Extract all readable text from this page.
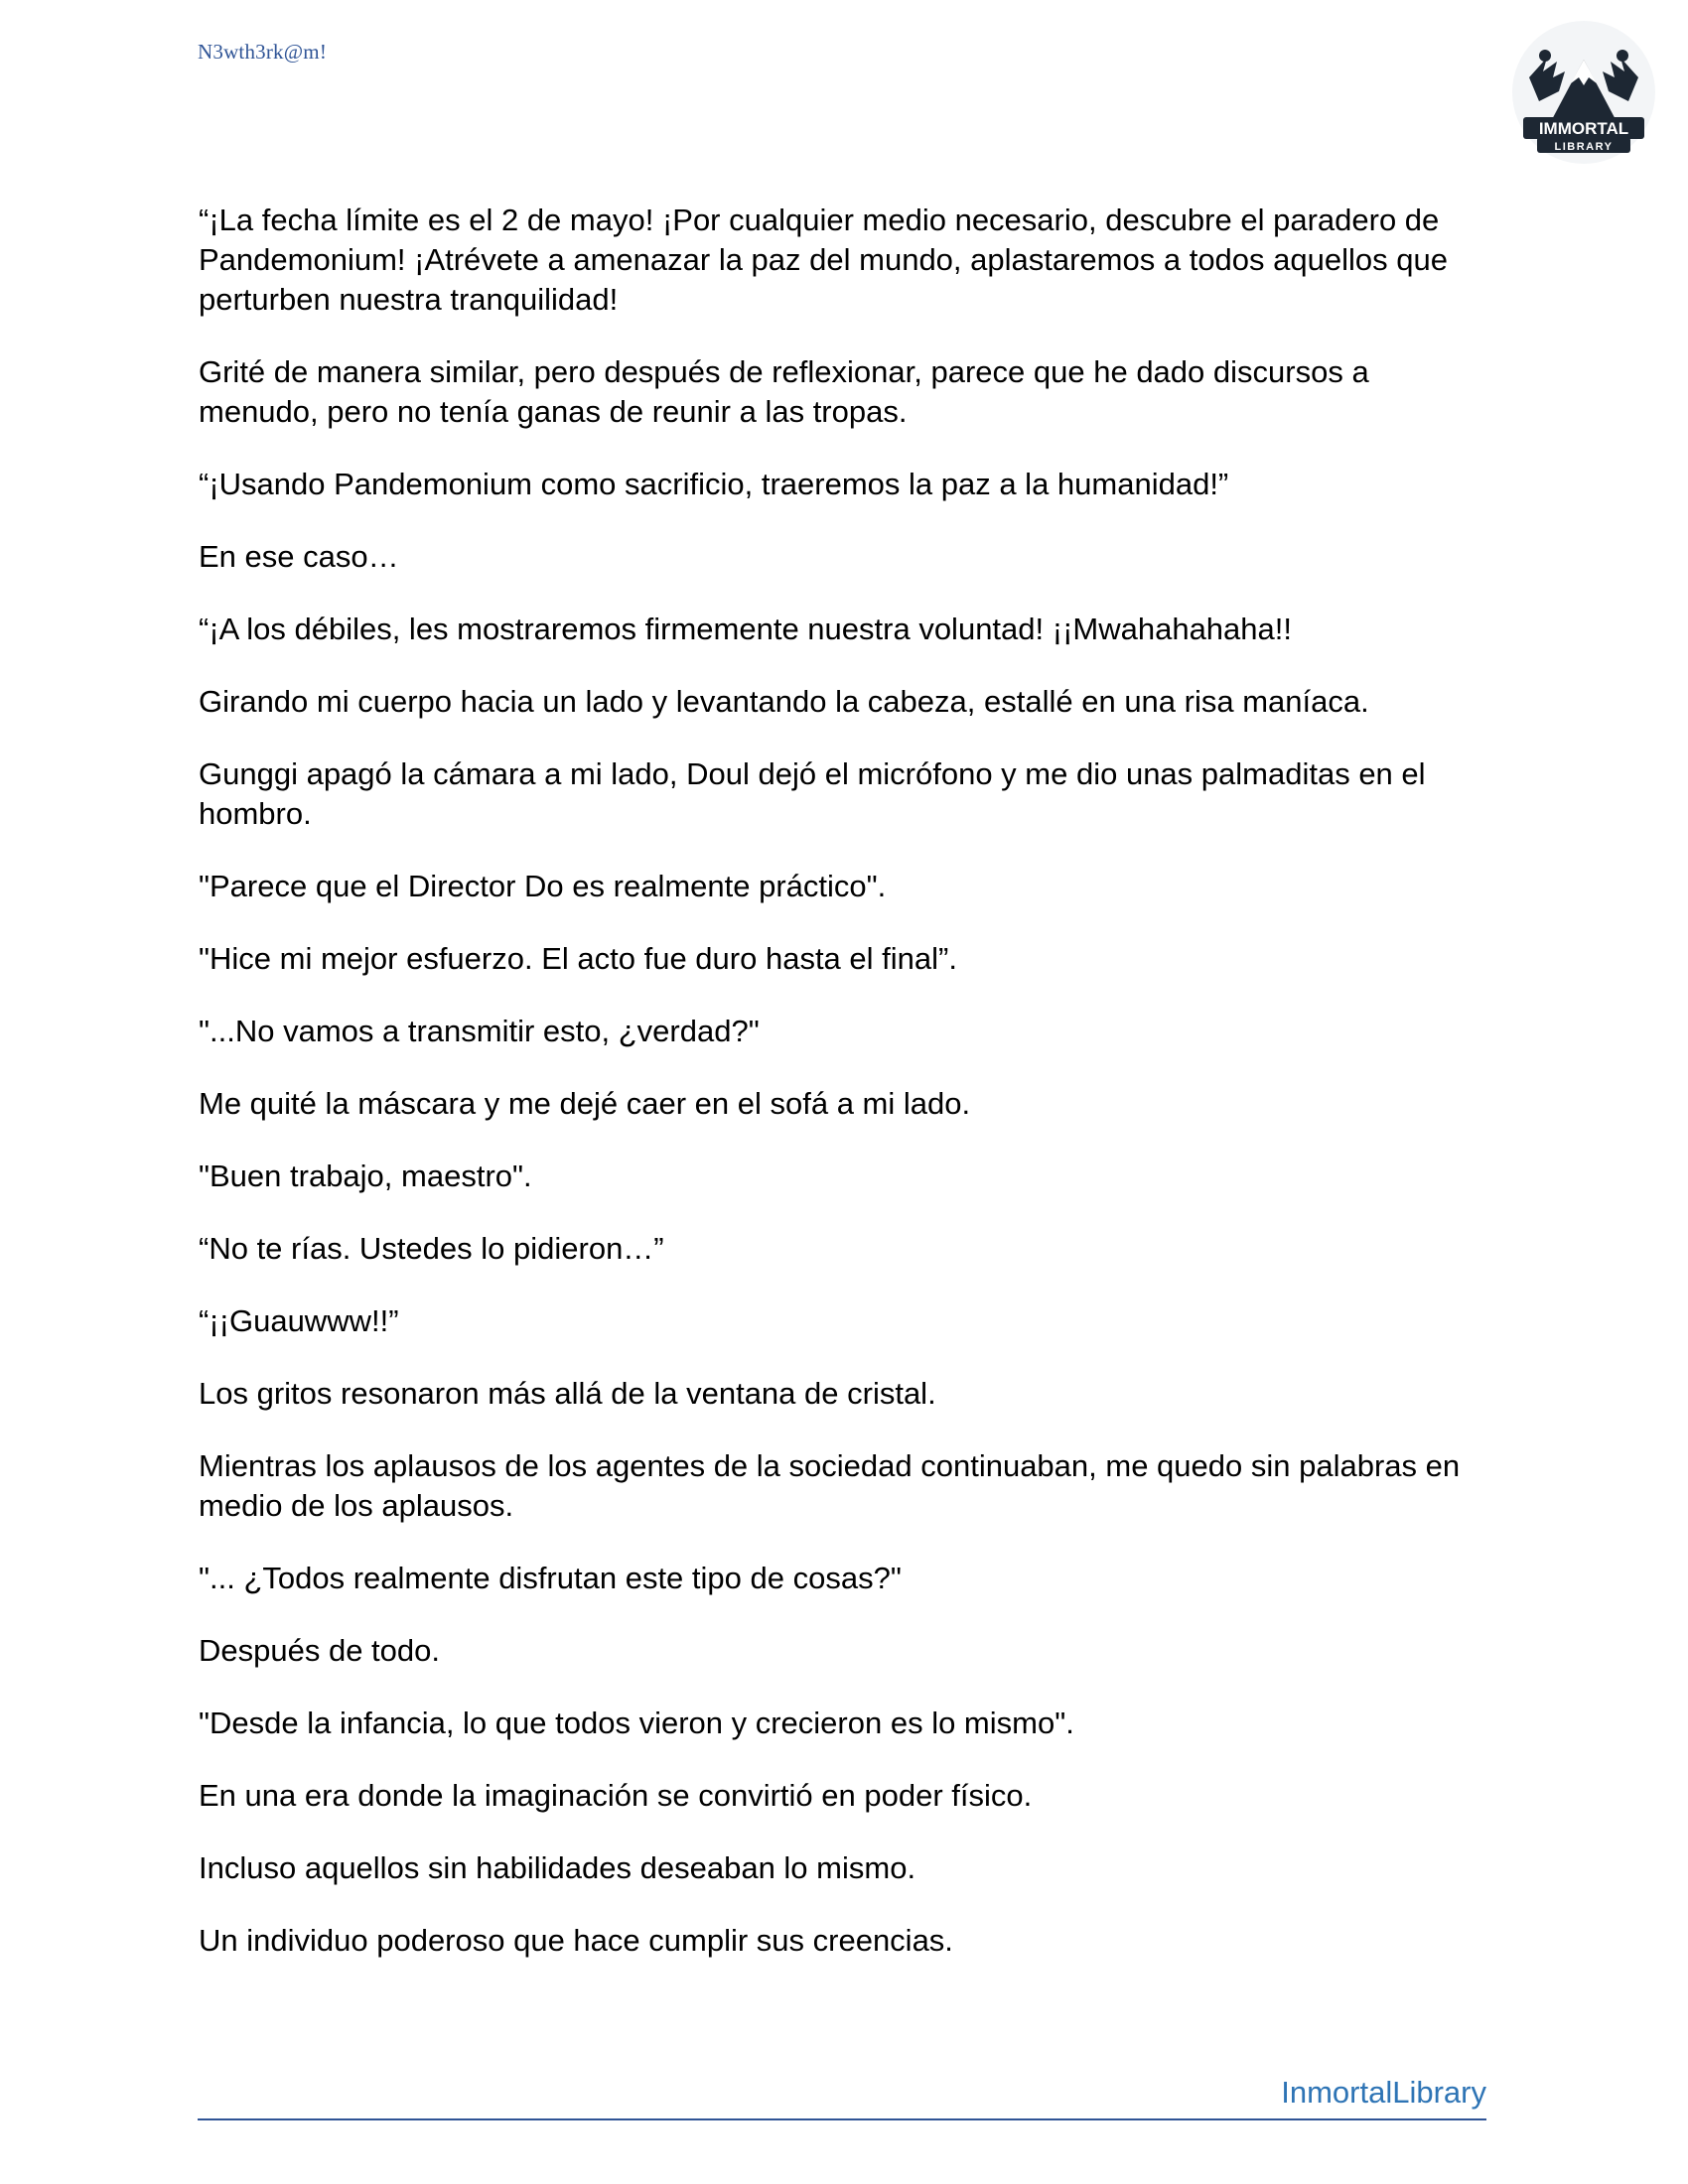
N3wth3rk@m!
IMMORTAL
LIBRARY

“¡La fecha límite es el 2 de mayo! ¡Por cualquier medio necesario, descubre el paradero de Pandemonium! ¡Atrévete a amenazar la paz del mundo, aplastaremos a todos aquellos que perturben nuestra tranquilidad!

Grité de manera similar, pero después de reflexionar, parece que he dado discursos a menudo, pero no tenía ganas de reunir a las tropas.

“¡Usando Pandemonium como sacrificio, traeremos la paz a la humanidad!”

En ese caso…

“¡A los débiles, les mostraremos firmemente nuestra voluntad! ¡¡Mwahahahaha!!

Girando mi cuerpo hacia un lado y levantando la cabeza, estallé en una risa maníaca.

Gunggi apagó la cámara a mi lado, Doul dejó el micrófono y me dio unas palmaditas en el hombro.

"Parece que el Director Do es realmente práctico".

"Hice mi mejor esfuerzo. El acto fue duro hasta el final”.

"...No vamos a transmitir esto, ¿verdad?"

Me quité la máscara y me dejé caer en el sofá a mi lado.

"Buen trabajo, maestro".

“No te rías. Ustedes lo pidieron…”

“¡¡Guauwww!!”

Los gritos resonaron más allá de la ventana de cristal.

Mientras los aplausos de los agentes de la sociedad continuaban, me quedo sin palabras en medio de los aplausos.

"... ¿Todos realmente disfrutan este tipo de cosas?"

Después de todo.

"Desde la infancia, lo que todos vieron y crecieron es lo mismo".

En una era donde la imaginación se convirtió en poder físico.

Incluso aquellos sin habilidades deseaban lo mismo.

Un individuo poderoso que hace cumplir sus creencias.

InmortalLibrary
